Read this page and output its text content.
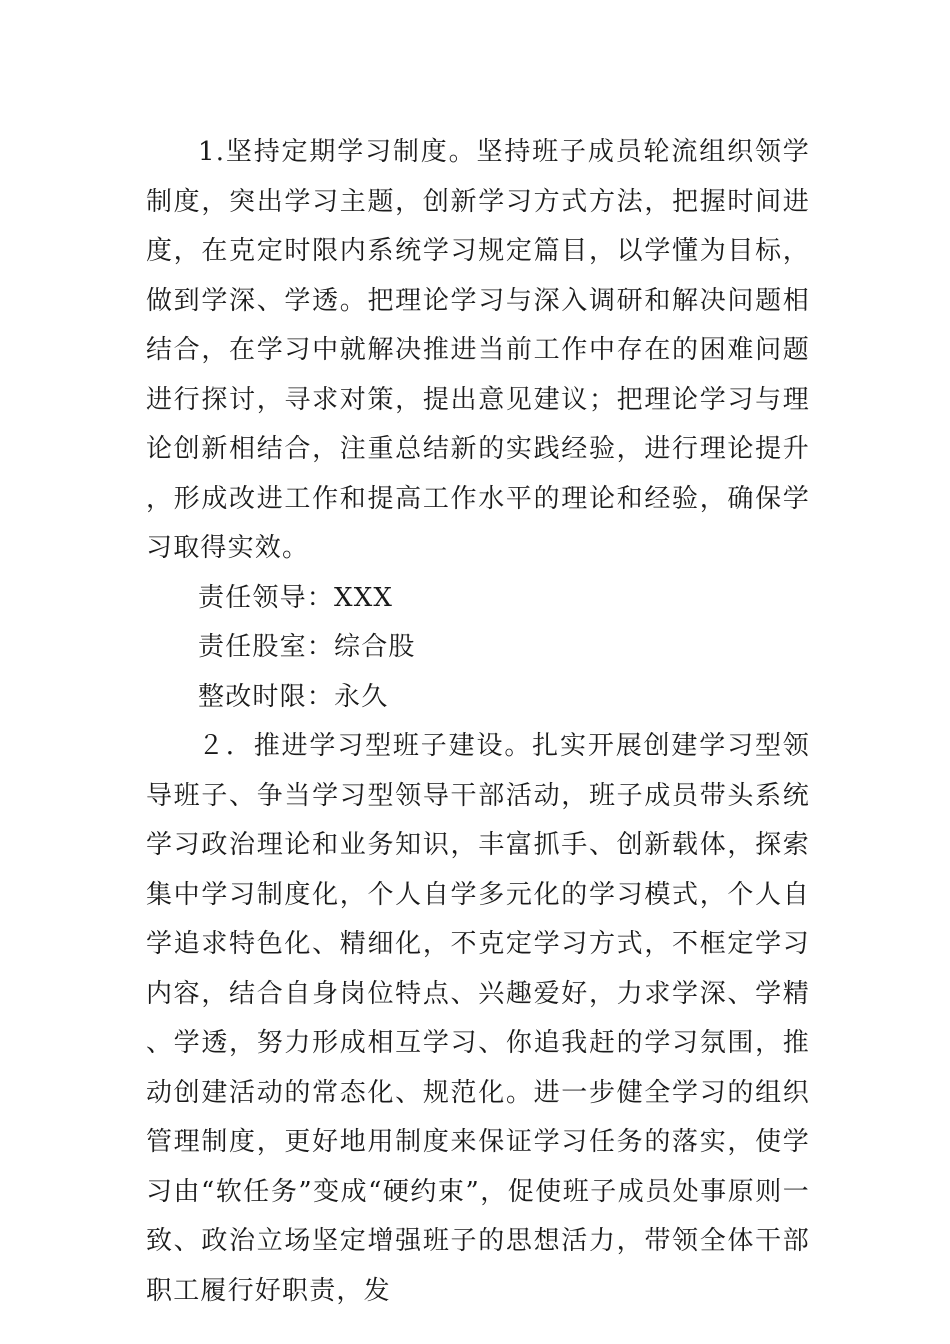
1.坚持定期学习制度。坚持班子成员轮流组织领学制度，突出学习主题，创新学习方式方法，把握时间进度，在克定时限内系统学习规定篇目，以学懂为目标，做到学深、学透。把理论学习与深入调研和解决问题相结合，在学习中就解决推进当前工作中存在的困难问题进行探讨，寻求对策，提出意见建议；把理论学习与理论创新相结合，注重总结新的实践经验，进行理论提升，形成改进工作和提高工作水平的理论和经验，确保学习取得实效。

责任领导：XXX

责任股室：综合股

整改时限：永久

２．推进学习型班子建设。扎实开展创建学习型领导班子、争当学习型领导干部活动，班子成员带头系统学习政治理论和业务知识，丰富抓手、创新载体，探索集中学习制度化，个人自学多元化的学习模式，个人自学追求特色化、精细化，不克定学习方式，不框定学习内容，结合自身岗位特点、兴趣爱好，力求学深、学精、学透，努力形成相互学习、你追我赶的学习氛围，推动创建活动的常态化、规范化。进一步健全学习的组织管理制度，更好地用制度来保证学习任务的落实，使学习由“软任务”变成“硬约束”，促使班子成员处事原则一致、政治立场坚定增强班子的思想活力，带领全体干部职工履行好职责，发
